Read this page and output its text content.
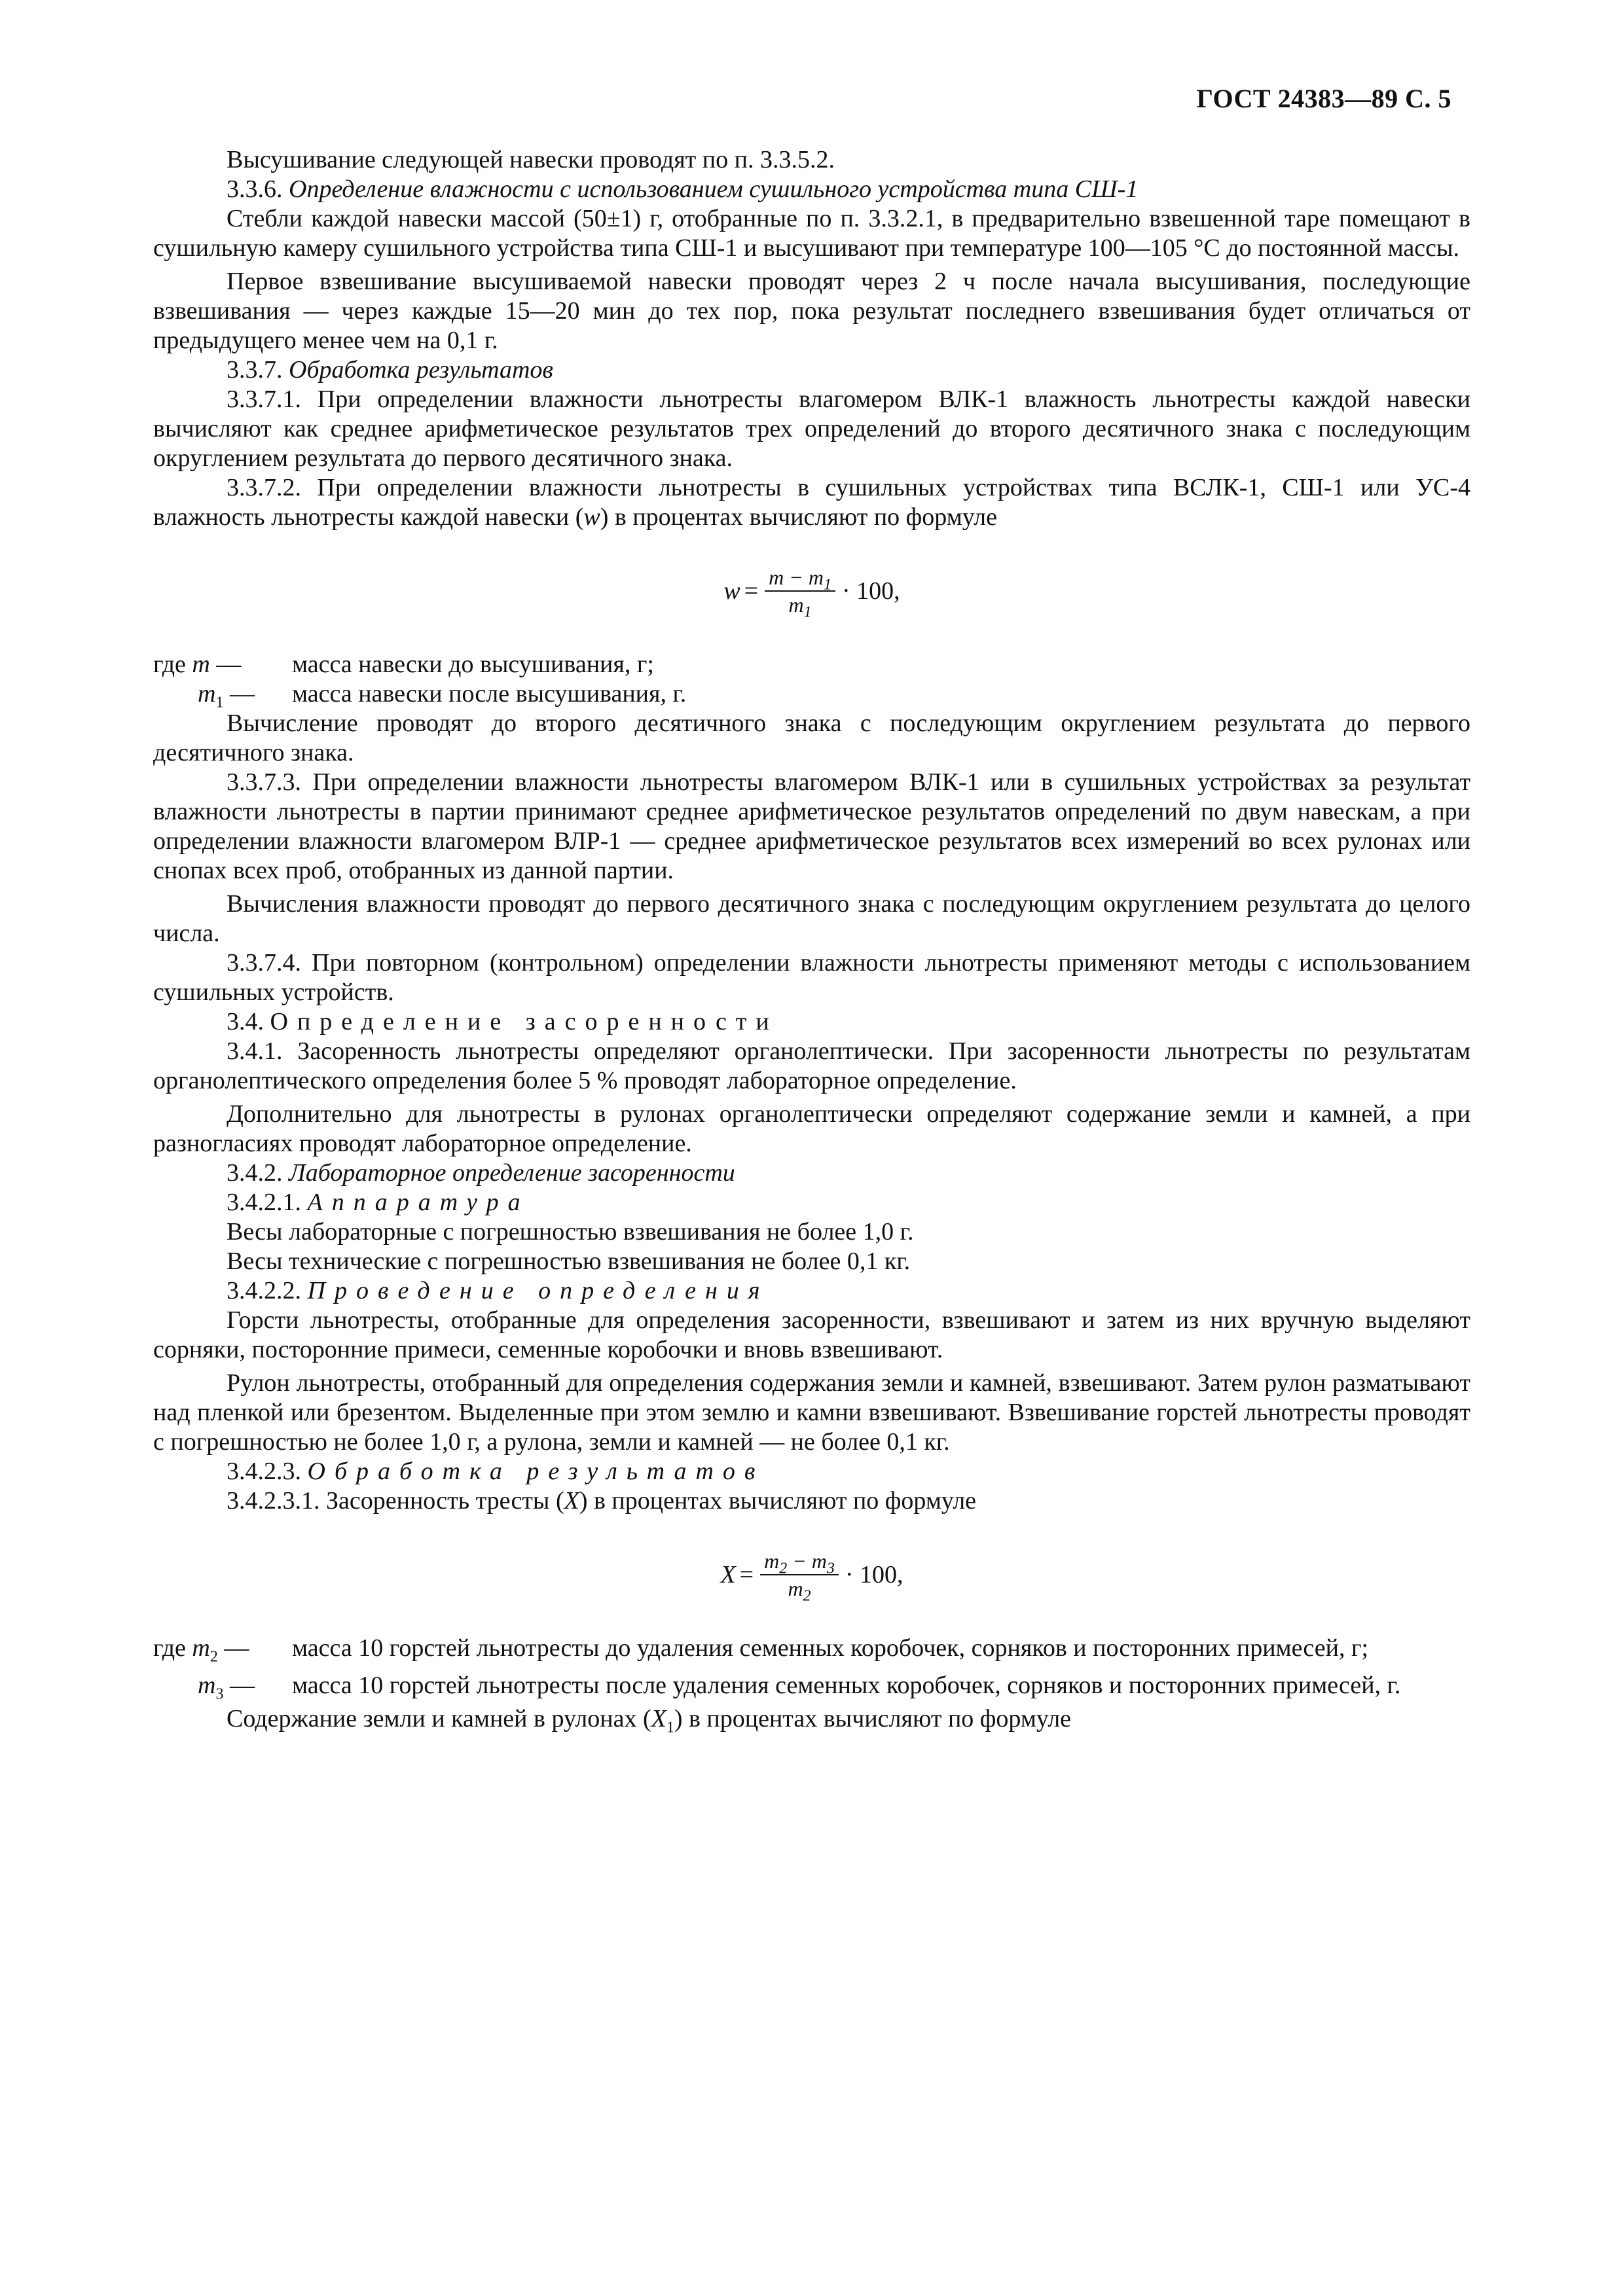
ГОСТ 24383—89 С. 5

Высушивание следующей навески проводят по п. 3.3.5.2.

3.3.6. Определение влажности с использованием сушильного устройства типа СШ-1

Стебли каждой навески массой (50±1) г, отобранные по п. 3.3.2.1, в предварительно взвешенной таре помещают в сушильную камеру сушильного устройства типа СШ-1 и высушивают при температуре 100—105 °С до постоянной массы.

Первое взвешивание высушиваемой навески проводят через 2 ч после начала высушивания, последующие взвешивания — через каждые 15—20 мин до тех пор, пока результат последнего взвешивания будет отличаться от предыдущего менее чем на 0,1 г.

3.3.7. Обработка результатов

3.3.7.1. При определении влажности льнотресты влагомером ВЛК-1 влажность льнотресты каждой навески вычисляют как среднее арифметическое результатов трех определений до второго десятичного знака с последующим округлением результата до первого десятичного знака.

3.3.7.2. При определении влажности льнотресты в сушильных устройствах типа ВСЛК-1, СШ-1 или УС-4 влажность льнотресты каждой навески (w) в процентах вычисляют по формуле

$w = \frac{m - m_1}{m_1} \cdot 100$,
где m —	масса навески до высушивания, г;
$m_1$ —	масса навески после высушивания, г.

Вычисление проводят до второго десятичного знака с последующим округлением результата до первого десятичного знака.

3.3.7.3. При определении влажности льнотресты влагомером ВЛК-1 или в сушильных устройствах за результат влажности льнотресты в партии принимают среднее арифметическое результатов определений по двум навескам, а при определении влажности влагомером ВЛР-1 — среднее арифметическое результатов всех измерений во всех рулонах или снопах всех проб, отобранных из данной партии.

Вычисления влажности проводят до первого десятичного знака с последующим округлением результата до целого числа.

3.3.7.4. При повторном (контрольном) определении влажности льнотресты применяют методы с использованием сушильных устройств.

3.4. Определение засоренности

3.4.1. Засоренность льнотресты определяют органолептически. При засоренности льнотресты по результатам органолептического определения более 5 % проводят лабораторное определение.

Дополнительно для льнотресты в рулонах органолептически определяют содержание земли и камней, а при разногласиях проводят лабораторное определение.

3.4.2. Лабораторное определение засоренности

3.4.2.1. Аппаратура

Весы лабораторные с погрешностью взвешивания не более 1,0 г.

Весы технические с погрешностью взвешивания не более 0,1 кг.

3.4.2.2. Проведение определения

Горсти льнотресты, отобранные для определения засоренности, взвешивают и затем из них вручную выделяют сорняки, посторонние примеси, семенные коробочки и вновь взвешивают.

Рулон льнотресты, отобранный для определения содержания земли и камней, взвешивают. Затем рулон разматывают над пленкой или брезентом. Выделенные при этом землю и камни взвешивают. Взвешивание горстей льнотресты проводят с погрешностью не более 1,0 г, а рулона, земли и камней — не более 0,1 кг.

3.4.2.3. Обработка результатов

3.4.2.3.1. Засоренность тресты (X) в процентах вычисляют по формуле

$X = \frac{m_2 - m_3}{m_2} \cdot 100$,
где $m_2$ —	масса 10 горстей льнотресты до удаления семенных коробочек, сорняков и посторонних примесей, г;
$m_3$ —	масса 10 горстей льнотресты после удаления семенных коробочек, сорняков и посторонних примесей, г.

Содержание земли и камней в рулонах $(X_1)$ в процентах вычисляют по формуле
